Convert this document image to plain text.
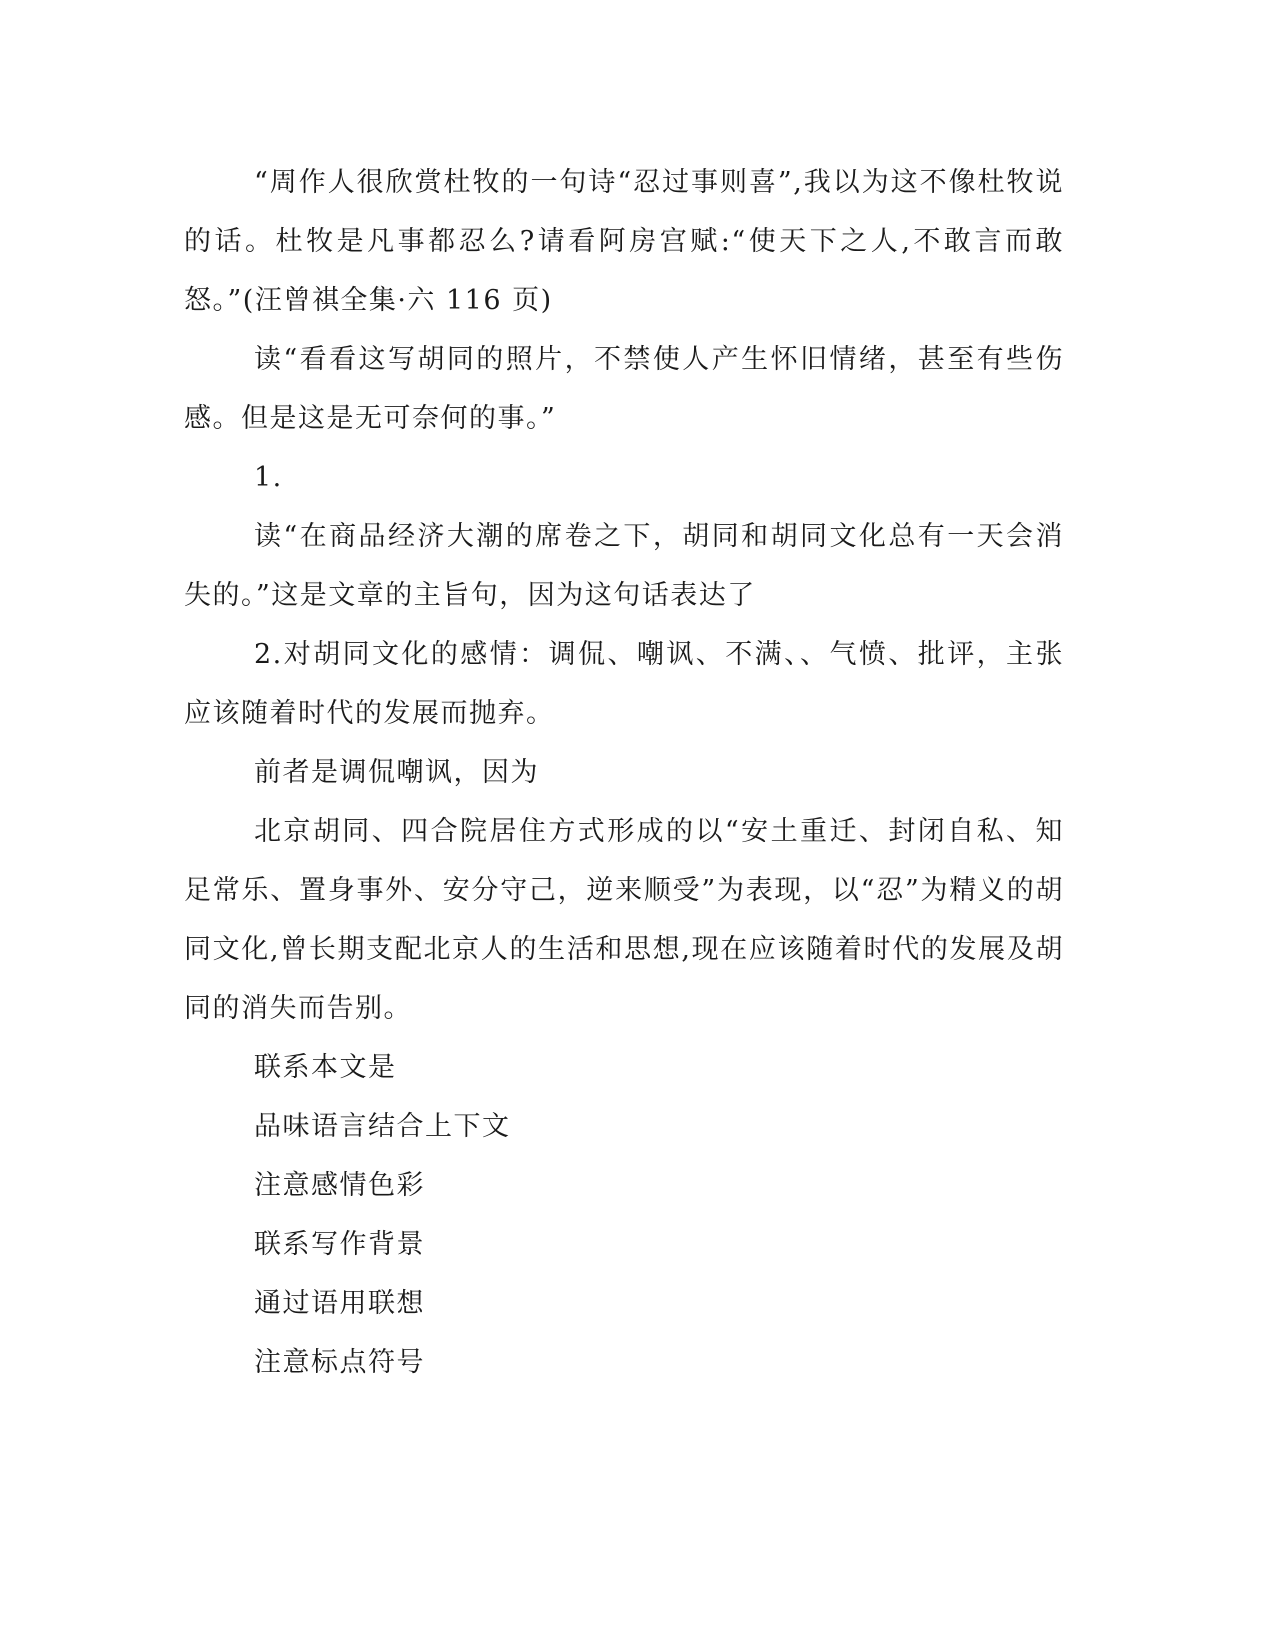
“周作人很欣赏杜牧的一句诗“忍过事则喜”,我以为这不像杜牧说的话。杜牧是凡事都忍么?请看阿房宫赋:“使天下之人,不敢言而敢怒。”(汪曾祺全集·六 116 页)

读“看看这写胡同的照片，不禁使人产生怀旧情绪，甚至有些伤感。但是这是无可奈何的事。”

1.

读“在商品经济大潮的席卷之下，胡同和胡同文化总有一天会消失的。”这是文章的主旨句，因为这句话表达了

2.对胡同文化的感情：调侃、嘲讽、不满、、气愤、批评，主张应该随着时代的发展而抛弃。

前者是调侃嘲讽，因为

北京胡同、四合院居住方式形成的以“安土重迁、封闭自私、知足常乐、置身事外、安分守己，逆来顺受”为表现，以“忍”为精义的胡同文化,曾长期支配北京人的生活和思想,现在应该随着时代的发展及胡同的消失而告别。

联系本文是

品味语言结合上下文

注意感情色彩

联系写作背景

通过语用联想

注意标点符号
